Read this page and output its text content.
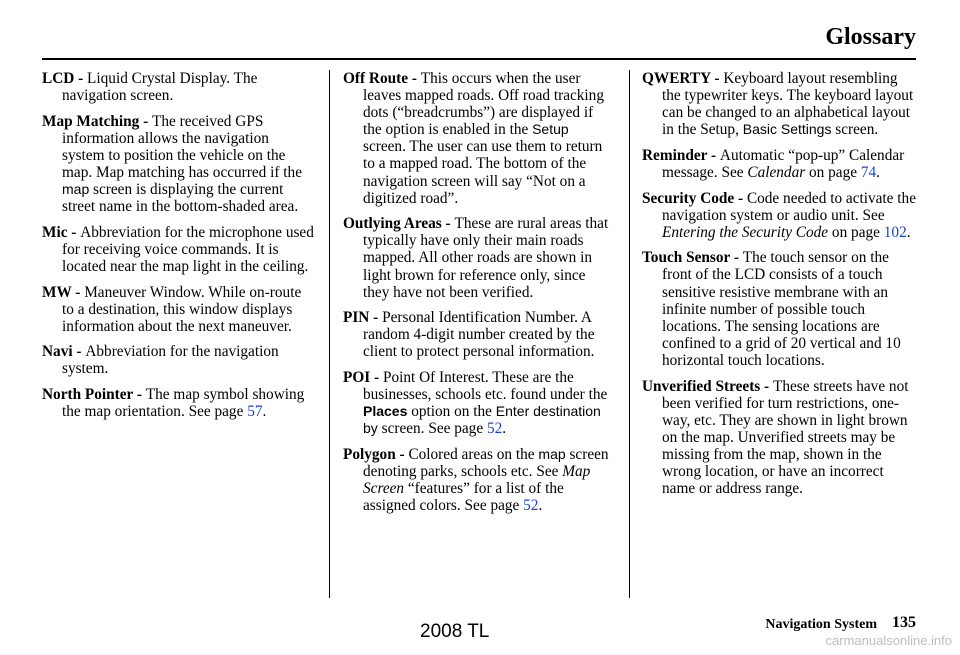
Glossary

LCD - Liquid Crystal Display. The navigation screen.

Map Matching - The received GPS information allows the navigation system to position the vehicle on the map. Map matching has occurred if the map screen is displaying the current street name in the bottom-shaded area.

Mic - Abbreviation for the microphone used for receiving voice commands. It is located near the map light in the ceiling.

MW - Maneuver Window. While on-route to a destination, this window displays information about the next maneuver.

Navi - Abbreviation for the navigation system.

North Pointer - The map symbol showing the map orientation. See page 57.

Off Route - This occurs when the user leaves mapped roads. Off road tracking dots (“breadcrumbs”) are displayed if the option is enabled in the Setup screen. The user can use them to return to a mapped road. The bottom of the navigation screen will say “Not on a digitized road”.

Outlying Areas - These are rural areas that typically have only their main roads mapped. All other roads are shown in light brown for reference only, since they have not been verified.

PIN - Personal Identification Number. A random 4-digit number created by the client to protect personal information.

POI - Point Of Interest. These are the businesses, schools etc. found under the Places option on the Enter destination by screen. See page 52.

Polygon - Colored areas on the map screen denoting parks, schools etc. See Map Screen “features” for a list of the assigned colors. See page 52.

QWERTY - Keyboard layout resembling the typewriter keys. The keyboard layout can be changed to an alphabetical layout in the Setup, Basic Settings screen.

Reminder - Automatic “pop-up” Calendar message. See Calendar on page 74.

Security Code - Code needed to activate the navigation system or audio unit. See Entering the Security Code on page 102.

Touch Sensor - The touch sensor on the front of the LCD consists of a touch sensitive resistive membrane with an infinite number of possible touch locations. The sensing locations are confined to a grid of 20 vertical and 10 horizontal touch locations.

Unverified Streets - These streets have not been verified for turn restrictions, one-way, etc. They are shown in light brown on the map. Unverified streets may be missing from the map, shown in the wrong location, or have an incorrect name or address range.

2008 TL	Navigation System 135
carmanualsonline.info
